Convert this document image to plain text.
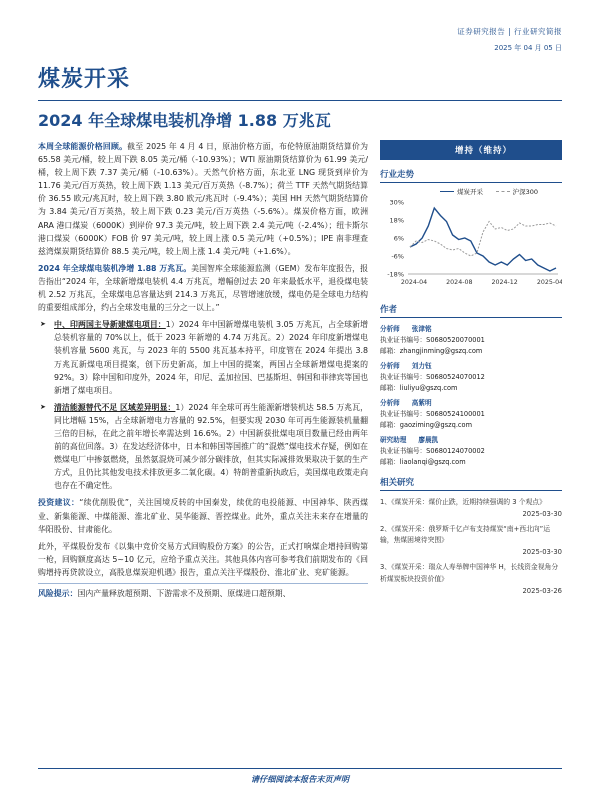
证券研究报告 | 行业研究简报
2025 年 04 月 05 日
煤炭开采
2024 年全球煤电装机净增 1.88 万兆瓦

本周全球能源价格回顾。截至 2025 年 4 月 4 日，原油价格方面，布伦特原油期货结算价为 65.58 美元/桶，较上周下跌 8.05 美元/桶（-10.93%）；WTI 原油期货结算价为 61.99 美元/桶，较上周下跌 7.37 美元/桶（-10.63%）。天然气价格方面，东北亚 LNG 现货到岸价为 11.76 美元/百万英热，较上周下跌 1.13 美元/百万英热（-8.7%）；荷兰 TTF 天然气期货结算价 36.55 欧元/兆瓦时，较上周下跌 3.80 欧元/兆瓦时（-9.4%）；美国 HH 天然气期货结算价为 3.84 美元/百万英热，较上周下跌 0.23 美元/百万英热（-5.6%）。煤炭价格方面，欧洲 ARA 港口煤炭（6000K）到岸价 97.3 美元/吨，较上周下跌 2.4 美元/吨（-2.4%）；纽卡斯尔港口煤炭（6000K）FOB 价 97 美元/吨，较上周上涨 0.5 美元/吨（+0.5%）；IPE 南非理查兹湾煤炭期货结算价 88.5 美元/吨，较上周上涨 1.4 美元/吨（+1.6%）。

2024 年全球煤电装机净增 1.88 万兆瓦。美国智库全球能源监测（GEM）发布年度报告，报告指出“2024 年，全球新增煤电装机 4.4 万兆瓦，增幅创过去 20 年来最低水平，退役煤电装机 2.52 万兆瓦，全球煤电总容量达到 214.3 万兆瓦，尽管增速放缓，煤电仍是全球电力结构的重要组成部分，约占全球发电量的三分之一以上。”

➤	中、印两国主导新建煤电项目：1）2024 年中国新增煤电装机 3.05 万兆瓦，占全球新增总装机容量的 70%以上，低于 2023 年新增的 4.74 万兆瓦。2）2024 年印度新增煤电装机容量 5600 兆瓦，与 2023 年的 5500 兆瓦基本持平，印度管在 2024 年提出 3.8 万兆瓦新煤电项目提案，创下历史新高，加上中国的提案，两国占全球新增煤电提案的 92%。3）除中国和印度外，2024 年，印尼、孟加拉国、巴基斯坦、韩国和菲律宾等国也新增了煤电项目。
➤	清洁能源替代不足 区域差异明显：1）2024 年全球可再生能源新增装机达 58.5 万兆瓦，同比增幅 15%，占全球新增电力容量的 92.5%，但要实现 2030 年可再生能源装机量翻三倍的目标，在此之前年增长率需达到 16.6%。2）中国新获批煤电项目数量已经由两年前的高位回落。3）在发达经济体中，日本和韩国等国推广的“混燃”煤电技术存疑，例如在燃煤电厂中掺氨燃烧，虽然氨混烧可减少部分碳排放，但其实际减排效果取决于氨的生产方式，且仍比其他发电技术排放更多二氧化碳。4）特朗普重新执政后，美国煤电政策走向也存在不确定性。

投资建议：“续优削股优”，关注国境反转的中国秦发，续优的电投能源、中国神华、陕西煤业、新集能源、中煤能源、淮北矿业、昊华能源、晋控煤业。此外，重点关注未来存在增量的华阳股份、甘肃能化。

此外，平煤股份发布《以集中竞价交易方式回购股份方案》的公告，正式打响煤企增持回购第一枪，回购额度高达 5~10 亿元，应给予重点关注。其他具体内容可参考我们前期发布的《回购增持再贷款设立，高股息煤炭迎机遇》报告，重点关注平煤股份、淮北矿业、兖矿能源。

风险提示：国内产量释放超预期、下游需求不及预期、原煤进口超预期、

增持（维持）
行业走势
煤炭开采	沪深300
30%
18%
6%
-6%
-18%
2024-04	2024-08	2024-12	2025-04
作者
分析师 张津铭
执业证书编号：S0680520070001
邮箱：zhangjinming@gszq.com
分析师 刘力钰
执业证书编号：S0680524070012
邮箱：liuliyu@gszq.com
分析师 高紫明
执业证书编号：S0680524100001
邮箱：gaoziming@gszq.com
研究助理 廖晨凯
执业证书编号：S0680124070002
邮箱：liaolanqi@gszq.com
相关研究
1、《煤炭开采：煤价止跌，近期持续强调的 3 个观点》
2025-03-30
2、《煤炭开采：俄罗斯千亿卢布支持煤炭“南+西北向”运输，焦煤困境待突围》
2025-03-30
3、《煤炭开采：瑞众人寿举牌中国神华 H，长线资金视角分析煤炭板块投资价值》
2025-03-26
请仔细阅读本报告末页声明
